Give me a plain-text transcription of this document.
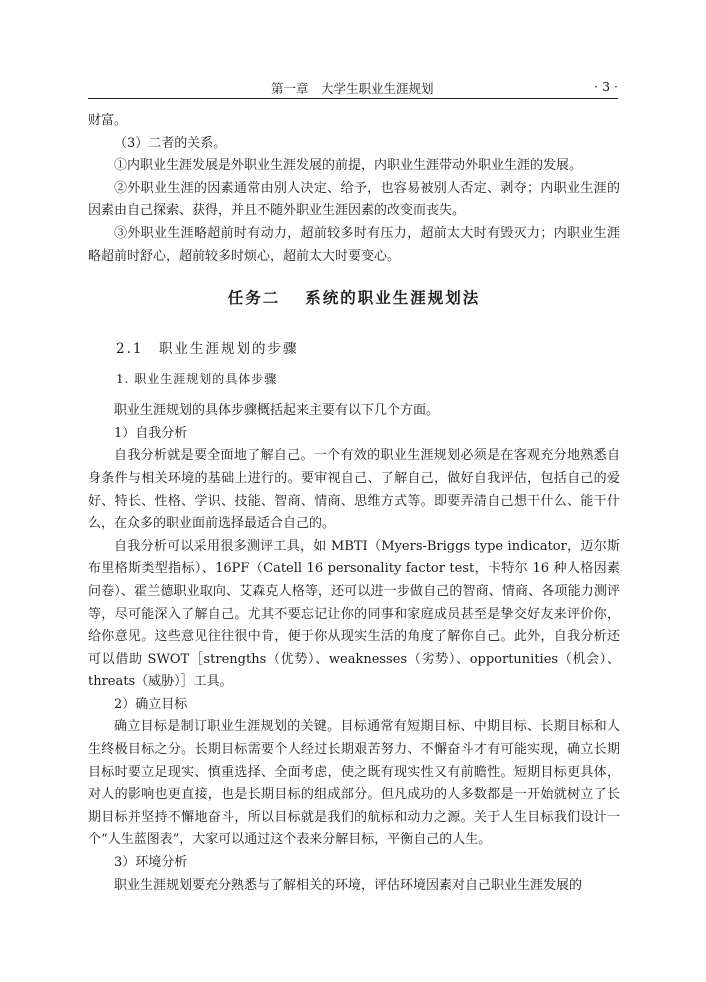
第一章　大学生职业生涯规划	· 3 ·

财富。

（3）二者的关系。

①内职业生涯发展是外职业生涯发展的前提，内职业生涯带动外职业生涯的发展。

②外职业生涯的因素通常由别人决定、给予，也容易被别人否定、剥夺；内职业生涯的因素由自己探索、获得，并且不随外职业生涯因素的改变而丧失。

③外职业生涯略超前时有动力，超前较多时有压力，超前太大时有毁灭力；内职业生涯略超前时舒心，超前较多时烦心，超前太大时要变心。

任务二　 系统的职业生涯规划法
2.1　职业生涯规划的步骤
1. 职业生涯规划的具体步骤

职业生涯规划的具体步骤概括起来主要有以下几个方面。

1）自我分析

自我分析就是要全面地了解自己。一个有效的职业生涯规划必须是在客观充分地熟悉自身条件与相关环境的基础上进行的。要审视自己、了解自己，做好自我评估，包括自己的爱好、特长、性格、学识、技能、智商、情商、思维方式等。即要弄清自己想干什么、能干什么，在众多的职业面前选择最适合自己的。

自我分析可以采用很多测评工具，如 MBTI（Myers-Briggs type indicator，迈尔斯布里格斯类型指标）、16PF（Catell 16 personality factor test，卡特尔 16 种人格因素问卷）、霍兰德职业取向、艾森克人格等，还可以进一步做自己的智商、情商、各项能力测评等，尽可能深入了解自己。尤其不要忘记让你的同事和家庭成员甚至是挚交好友来评价你，给你意见。这些意见往往很中肯，便于你从现实生活的角度了解你自己。此外，自我分析还可以借助 SWOT［strengths（优势）、weaknesses（劣势）、opportunities（机会）、threats（威胁）］工具。

2）确立目标

确立目标是制订职业生涯规划的关键。目标通常有短期目标、中期目标、长期目标和人生终极目标之分。长期目标需要个人经过长期艰苦努力、不懈奋斗才有可能实现，确立长期目标时要立足现实、慎重选择、全面考虑，使之既有现实性又有前瞻性。短期目标更具体，对人的影响也更直接，也是长期目标的组成部分。但凡成功的人多数都是一开始就树立了长期目标并坚持不懈地奋斗，所以目标就是我们的航标和动力之源。关于人生目标我们设计一个“人生蓝图表”，大家可以通过这个表来分解目标，平衡自己的人生。

3）环境分析

职业生涯规划要充分熟悉与了解相关的环境，评估环境因素对自己职业生涯发展的
